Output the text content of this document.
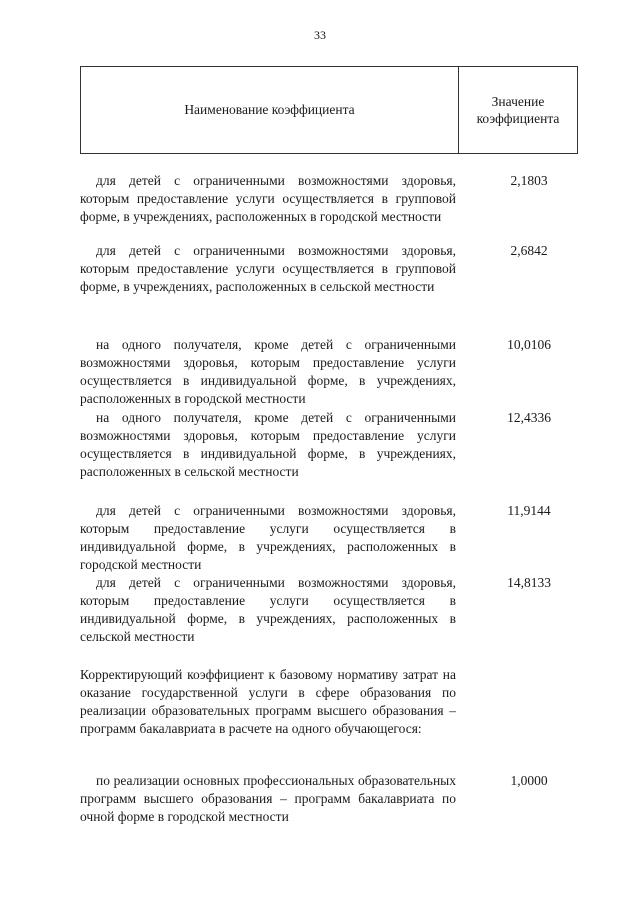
33
Наименование коэффициента
Значение коэффициента
для детей с ограниченными возможностями здоровья, которым предоставление услуги осуществляется в групповой форме, в учреждениях, расположенных в городской местности
2,1803
для детей с ограниченными возможностями здоровья, которым предоставление услуги осуществляется в групповой форме, в учреждениях, расположенных в сельской местности
2,6842
на одного получателя, кроме детей с ограниченными возможностями здоровья, которым предоставление услуги осуществляется в индивидуальной форме, в учреждениях, расположенных в городской местности
10,0106
на одного получателя, кроме детей с ограниченными возможностями здоровья, которым предоставление услуги осуществляется в индивидуальной форме, в учреждениях, расположенных в сельской местности
12,4336
для детей с ограниченными возможностями здоровья, которым предоставление услуги осуществляется в индивидуальной форме, в учреждениях, расположенных в городской местности
11,9144
для детей с ограниченными возможностями здоровья, которым предоставление услуги осуществляется в индивидуальной форме, в учреждениях, расположенных в сельской местности
14,8133
Корректирующий коэффициент к базовому нормативу затрат на оказание государственной услуги в сфере образования по реализации образовательных программ высшего образования – программ бакалавриата в расчете на одного обучающегося:
по реализации основных профессиональных образовательных программ высшего образования – программ бакалавриата по очной форме в городской местности
1,0000
